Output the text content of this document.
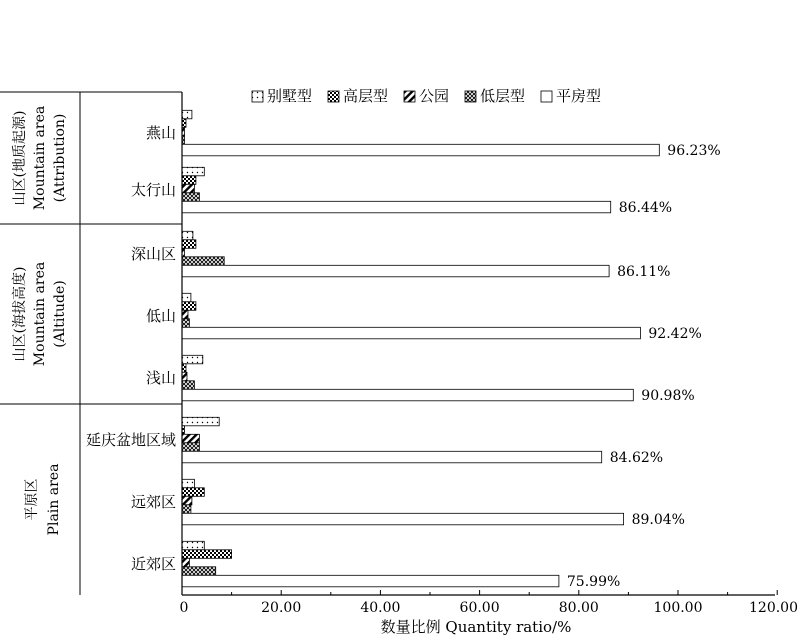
别墅型 高层型 公园 低层型 平房型
山区(地质起源) Mountain area (Attribution)
山区(海拔高度) Mountain area (Altitude)
平原区 Plain area
燕山
太行山
深山区
低山
浅山
延庆盆地区域
远郊区
近郊区
96.23%
86.44%
86.11%
92.42%
90.98%
84.62%
89.04%
75.99%
0	20.00	40.00	60.00	80.00	100.00	120.00
数量比例 Quantity ratio/%
